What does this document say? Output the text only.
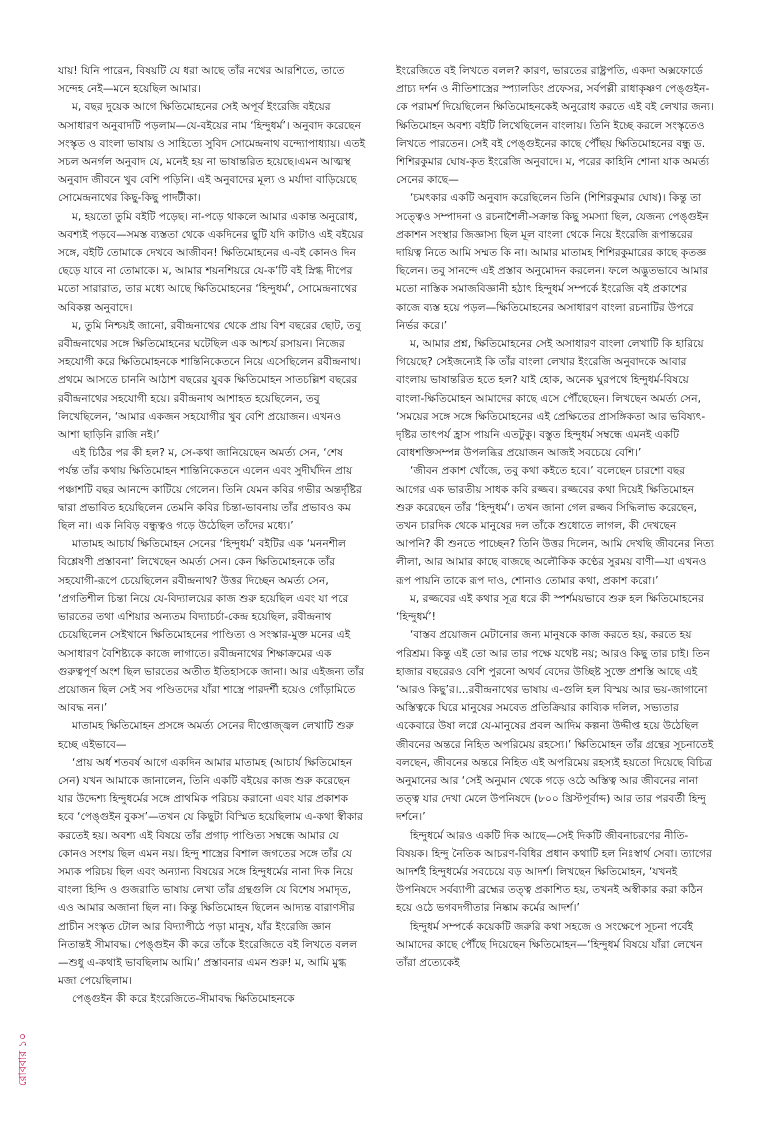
যায়! যিনি পারেন, বিষয়টি যে ধরা আছে তাঁর নখের আরশিতে, তাতে সন্দেহ নেই—মনে হয়েছিল আমার।

ম, বছর দুয়েক আগে ক্ষিতিমোহনের সেই অপূর্ব ইংরেজি বইয়ের অসাধারণ অনুবাদটি পড়লাম—যে-বইয়ের নাম ‘হিন্দুধর্ম’। অনুবাদ করেছেন সংস্কৃত ও বাংলা ভাষায় ও সাহিত্যে সুবিদ সোমেন্দ্রনাথ বন্দ্যোপাধ্যায়। এতই সচল অনর্গল অনুবাদ যে, মনেই হয় না ভাষান্তরিত হয়েছে।এমন আত্মস্থ অনুবাদ জীবনে খুব বেশি পড়িনি। এই অনুবাদের মূল্য ও মর্যাদা বাড়িয়েছে সোমেন্দ্রনাথের কিছু-কিছু পাদটীকা।

ম, হয়তো তুমি বইটি পড়েছ। না-পড়ে থাকলে আমার একান্ত অনুরোধ, অবশ্যই পড়বে—সমস্ত ব্যস্ততা থেকে একদিনের ছুটি যদি কাটাও এই বইয়ের সঙ্গে, বইটি তোমাকে দেখবে আজীবন! ক্ষিতিমোহনের এ-বই কোনও দিন ছেড়ে যাবে না তোমাকে। ম, আমার শয়নশিয়রে যে-ক’টি বই স্নিগ্ধ দীপের মতো সারারাত, তার মধ্যে আছে ক্ষিতিমোহনের ‘হিন্দুধর্ম’, সোমেন্দ্রনাথের অবিকল্প অনুবাদে।

ম, তুমি নিশ্চয়ই জানো, রবীন্দ্রনাথের থেকে প্রায় বিশ বছরের ছোট, তবু রবীন্দ্রনাথের সঙ্গে ক্ষিতিমোহনের ঘটেছিল এক আশ্চর্য রসায়ন। নিজের সহযোগী করে ক্ষিতিমোহনকে শান্তিনিকেতনে নিয়ে এসেছিলেন রবীন্দ্রনাথ। প্রথমে আসতে চাননি আঠাশ বছরের যুবক ক্ষিতিমোহন সাতচল্লিশ বছরের রবীন্দ্রনাথের সহযোগী হয়ে। রবীন্দ্রনাথ আশাহত হয়েছিলেন, তবু লিখেছিলেন, ‘আমার একজন সহযোগীর খুব বেশি প্রয়োজন। এখনও আশা ছাড়িনি রাজি নই।’

এই চিঠির পর কী হল? ম, সে-কথা জানিয়েছেন অমর্ত্য সেন, ‘শেষ পর্যন্ত তাঁর কথায় ক্ষিতিমোহন শান্তিনিকেতনে এলেন এবং সুদীর্ঘদিন প্রায় পঞ্চাশটি বছর আনন্দে কাটিয়ে গেলেন। তিনি যেমন কবির গভীর অন্তর্দৃষ্টির দ্বারা প্রভাবিত হয়েছিলেন তেমনি কবির চিন্তা-ভাবনায় তাঁর প্রভাবও কম ছিল না। এক নিবিড় বন্ধুত্বও গড়ে উঠেছিল তাঁদের মধ্যে।’

মাতামহ আচার্য ক্ষিতিমোহন সেনের ‘হিন্দুধর্ম’ বইটির এক ‘মননশীল বিশ্লেষণী প্রস্তাবনা’ লিখেছেন অমর্ত্য সেন। কেন ক্ষিতিমোহনকে তাঁর সহযোগী-রূপে চেয়েছিলেন রবীন্দ্রনাথ? উত্তর দিচ্ছেন অমর্ত্য সেন, ‘প্রগতিশীল চিন্তা নিয়ে যে-বিদ্যালয়ের কাজ শুরু হয়েছিল এবং যা পরে ভারতের তথা এশিয়ার অন্যতম বিদ্যাচর্চা-কেন্দ্র হয়েছিল, রবীন্দ্রনাথ চেয়েছিলেন সেইখানে ক্ষিতিমোহনের পাণ্ডিত্য ও সংস্কার-মুক্ত মনের এই অসাধারণ বৈশিষ্ট্যকে কাজে লাগাতে। রবীন্দ্রনাথের শিক্ষাক্রমের এক গুরুত্বপূর্ণ অংশ ছিল ভারতের অতীত ইতিহাসকে জানা। আর এইজন্য তাঁর প্রয়োজন ছিল সেই সব পণ্ডিতদের যাঁরা শাস্ত্রে পারদর্শী হয়েও গোঁড়ামিতে আবদ্ধ নন।’

মাতামহ ক্ষিতিমোহন প্রসঙ্গে অমর্ত্য সেনের দীপ্তোজ্জ্বল লেখাটি শুরু হচ্ছে এইভাবে—

‘প্রায় অর্ধ শতবর্ষ আগে একদিন আমার মাতামহ (আচার্য ক্ষিতিমোহন সেন) যখন আমাকে জানালেন, তিনি একটি বইয়ের কাজ শুরু করেছেন যার উদ্দেশ্য হিন্দুধর্মের সঙ্গে প্রাথমিক পরিচয় করানো এবং যার প্রকাশক হবে ‘পেঙ্গুইন বুকস’—তখন যে কিছুটা বিস্মিত হয়েছিলাম এ-কথা স্বীকার করতেই হয়। অবশ্য এই বিষয়ে তাঁর প্রগাঢ় পাণ্ডিত্য সম্বন্ধে আমার যে কোনও সংশয় ছিল এমন নয়। হিন্দু শাস্ত্রের বিশাল জগতের সঙ্গে তাঁর যে সম্যক পরিচয় ছিল এবং অন্যান্য বিষয়ের সঙ্গে হিন্দুধর্মের নানা দিক নিয়ে বাংলা হিন্দি ও গুজরাতি ভাষায় লেখা তাঁর গ্রন্থগুলি যে বিশেষ সমাদৃত, এও আমার অজানা ছিল না। কিন্তু ক্ষিতিমোহন ছিলেন আদ্যন্ত বারাণসীর প্রাচীন সংস্কৃত টোল আর বিদ্যাপীঠে পড়া মানুষ, যাঁর ইংরেজি জ্ঞান নিতান্তই সীমাবদ্ধ। পেঙ্গুইন কী করে তাঁকে ইংরেজিতে বই লিখতে বলল—শুধু এ-কথাই ভাবছিলাম আমি।’ প্রস্তাবনার এমন শুরু! ম, আমি মুগ্ধ মজা পেয়েছিলাম।

পেঙ্গুইন কী করে ইংরেজিতে-সীমাবদ্ধ ক্ষিতিমোহনকে

ইংরেজিতে বই লিখতে বলল? কারণ, ভারতের রাষ্ট্রপতি, একদা অক্সফোর্ডে প্রাচ্য দর্শন ও নীতিশাস্ত্রের স্প্যালডিং প্রফেসর, সর্বপল্লী রাধাকৃষ্ণণ পেঙ্গুইন-কে পরামর্শ দিয়েছিলেন ক্ষিতিমোহনকেই অনুরোধ করতে এই বই লেখার জন্য। ক্ষিতিমোহন অবশ্য বইটি লিখেছিলেন বাংলায়। তিনি ইচ্ছে করলে সংস্কৃতেও লিখতে পারতেন। সেই বই পেঙ্গুইনের কাছে পৌঁছয় ক্ষিতিমোহনের বন্ধু ড. শিশিরকুমার ঘোষ-কৃত ইংরেজি অনুবাদে। ম, পরের কাহিনি শোনা যাক অমর্ত্য সেনের কাছে—

‘চমৎকার একটি অনুবাদ করেছিলেন তিনি (শিশিরকুমার ঘোষ)। কিন্তু তা সত্ত্বেও সম্পাদনা ও রচনাশৈলী-সক্রান্ত কিছু সমস্যা ছিল, যেজন্য পেঙ্গুইন প্রকাশন সংস্থার জিজ্ঞাস্য ছিল মূল বাংলা থেকে নিয়ে ইংরেজি রূপান্তরের দায়িত্ব নিতে আমি সম্মত কি না। আমার মাতামহ শিশিরকুমারের কাছে কৃতজ্ঞ ছিলেন। তবু সানন্দে এই প্রস্তাব অনুমোদন করলেন। ফলে অদ্ভুতভাবে আমার মতো নাস্তিক সমাজবিজ্ঞানী হঠাৎ হিন্দুধর্ম সম্পর্কে ইংরেজি বই প্রকাশের কাজে ব্যস্ত হয়ে পড়ল—ক্ষিতিমোহনের অসাধারণ বাংলা রচনাটির উপরে নির্ভর করে।’

ম, আমার প্রশ্ন, ক্ষিতিমোহনের সেই অসাধারণ বাংলা লেখাটি কি হারিয়ে গিয়েছে? সেইজন্যেই কি তাঁর বাংলা লেখার ইংরেজি অনুবাদকে আবার বাংলায় ভাষান্তরিত হতে হল? যাই হোক, অনেক ঘুরপথে হিন্দুধর্ম-বিষয়ে বাংলা-ক্ষিতিমোহন আমাদের কাছে এসে পৌঁছেছেন। লিখছেন অমর্ত্য সেন, ‘সময়ের সঙ্গে সঙ্গে ক্ষিতিমোহনের এই প্রেক্ষিতের প্রাসঙ্গিকতা আর ভবিষ্যৎ-দৃষ্টির তাৎপর্য হ্রাস পায়নি এতটুকু। বস্তুত হিন্দুধর্ম সম্বন্ধে এমনই একটি বোধশক্তিসম্পন্ন উপলব্ধির প্রয়োজন আজই সবচেয়ে বেশি।’

‘জীবন প্রকাশ খোঁজে, তবু কথা কইতে হবে।’ বলেছেন চারশো বছর আগের এক ভারতীয় সাধক কবি রজ্জব। রজ্জবের কথা দিয়েই ক্ষিতিমোহন শুরু করেছেন তাঁর ‘হিন্দুধর্ম’। তখন জানা গেল রজ্জব সিদ্ধিলাভ করেছেন, তখন চারদিক থেকে মানুষের দল তাঁকে শুধোতে লাগল, কী দেখছেন আপনি? কী শুনতে পাচ্ছেন? তিনি উত্তর দিলেন, আমি দেখছি জীবনের নিত্য লীলা, আর আমার কাছে বাজছে অলৌকিক কণ্ঠের সুরময় বাণী—যা এখনও রূপ পায়নি তাকে রূপ দাও, শোনাও তোমার কথা, প্রকাশ করো।’

ম, রজ্জবের এই কথার সূত্র ধরে কী স্পর্শময়ভাবে শুরু হল ক্ষিতিমোহনের ‘হিন্দুধর্ম’!

‘বাস্তব প্রয়োজন মেটানোর জন্য মানুষকে কাজ করতে হয়, করতে হয় পরিশ্রম। কিন্তু এই তো আর তার পক্ষে যথেষ্ট নয়; আরও কিছু তার চাই। তিন হাজার বছরেরও বেশি পুরনো অথর্ব বেদের উচ্ছিষ্ট সুক্তে প্রশস্তি আছে এই ‘আরও কিছু’র।...রবীন্দ্রনাথের ভাষায় এ-গুলি হল বিস্ময় আর ভয়-জাগানো অস্তিত্বকে ঘিরে মানুষের সমবেত প্রতিক্রিয়ার কাব্যিক দলিল, সভ্যতার একেবারে উষা লগ্নে যে-মানুষের প্রবল আদিম কল্পনা উদ্দীপ্ত হয়ে উঠেছিল জীবনের অন্তরে নিহিত অপরিমেয় রহস্যে।’ ক্ষিতিমোহন তাঁর গ্রন্থের সূচনাতেই বলছেন, জীবনের অন্তরে নিহিত এই অপরিমেয় রহস্যই হয়তো দিয়েছে বিচিত্র অনুমানের আর ‘সেই অনুমান থেকে গড়ে ওঠে অস্তিত্ব আর জীবনের নানা তত্ত্ব যার দেখা মেলে উপনিষদে (৮০০ খ্রিস্টপূর্বাব্দ) আর তার পরবর্তী হিন্দু দর্শনে।’

হিন্দুধর্মে আরও একটি দিক আছে—সেই দিকটি জীবনাচরণের নীতি-বিষয়ক। হিন্দু নৈতিক আচরণ-বিধির প্রধান কথাটি হল নিঃস্বার্থ সেবা। ত্যাগের আদর্শই হিন্দুধর্মের সবচেয়ে বড় আদর্শ। লিখছেন ক্ষিতিমোহন, ‘যখনই উপনিষদে সর্বব্যাপী ব্রহ্মের তত্ত্ব প্রকাশিত হয়, তখনই অস্বীকার করা কঠিন হয়ে ওঠে ভগবদগীতার নিষ্কাম কর্মের আদর্শ।’

হিন্দুধর্ম সম্পর্কে কয়েকটি জরুরি কথা সহজে ও সংক্ষেপে সূচনা পর্বেই আমাদের কাছে পৌঁছে দিয়েছেন ক্ষিতিমোহন—‘হিন্দুধর্ম বিষয়ে যাঁরা লেখেন তাঁরা প্রত্যেকেই

রোববার ১০
